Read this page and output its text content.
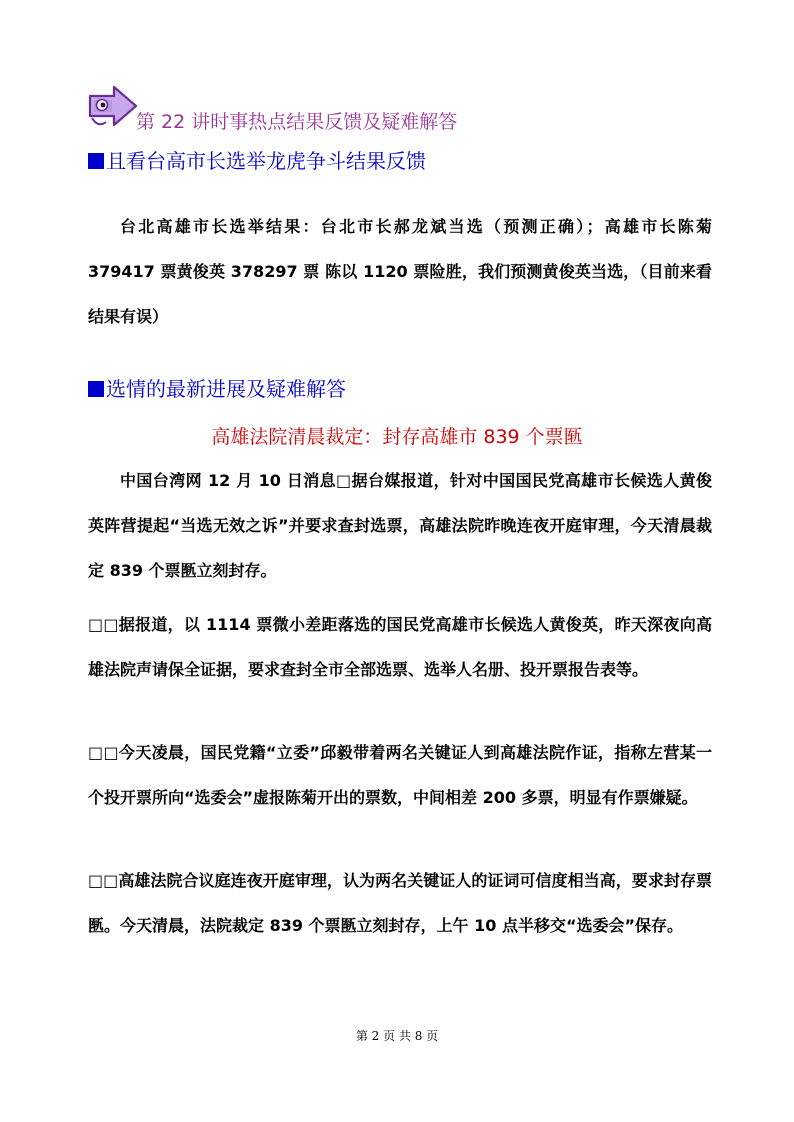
第 22 讲时事热点结果反馈及疑难解答
且看台高市长选举龙虎争斗结果反馈

台北高雄市长选举结果：台北市长郝龙斌当选（预测正确）；高雄市长陈菊 379417 票黄俊英 378297 票 陈以 1120 票险胜，我们预测黄俊英当选，（目前来看结果有误）

选情的最新进展及疑难解答
高雄法院清晨裁定：封存高雄市 839 个票匦

中国台湾网 12 月 10 日消息□据台媒报道，针对中国国民党高雄市长候选人黄俊英阵营提起“当选无效之诉”并要求查封选票，高雄法院昨晚连夜开庭审理，今天清晨裁定 839 个票匦立刻封存。

□□据报道，以 1114 票微小差距落选的国民党高雄市长候选人黄俊英，昨天深夜向高雄法院声请保全证据，要求查封全市全部选票、选举人名册、投开票报告表等。

□□今天凌晨，国民党籍“立委”邱毅带着两名关键证人到高雄法院作证，指称左营某一个投开票所向“选委会”虚报陈菊开出的票数，中间相差 200 多票，明显有作票嫌疑。

□□高雄法院合议庭连夜开庭审理，认为两名关键证人的证词可信度相当高，要求封存票匦。今天清晨，法院裁定 839 个票匦立刻封存，上午 10 点半移交“选委会”保存。

第 2 页 共 8 页
